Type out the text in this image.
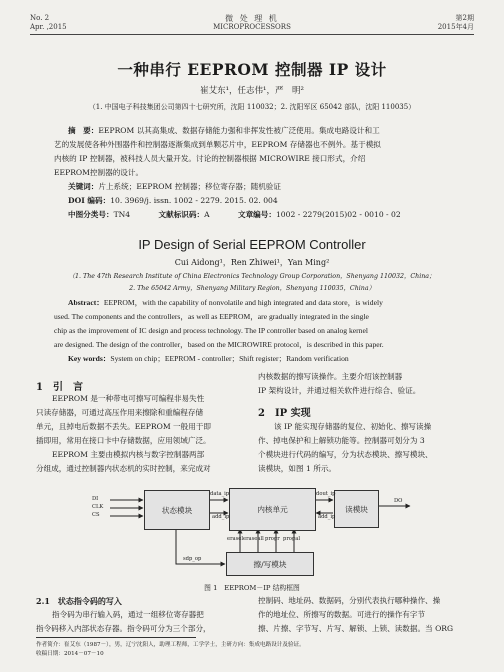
No. 2
Apr. ,2015
微 处 理 机
MICROPROCESSORS
第2期
2015年4月
一种串行 EEPROM 控制器 IP 设计
崔艾东¹，任志伟¹，严　明²
（1. 中国电子科技集团公司第四十七研究所，沈阳 110032；2. 沈阳军区 65042 部队，沈阳 110035）
摘　要：EEPROM 以其高集成、数据存储能力强和非挥发性被广泛使用。集成电路设计和工
艺的发展使各种外围器件和控制器逐渐集成到单颗芯片中，EEPROM 存储器也不例外。基于模拟
内核的 IP 控制器，被科技人员大量开发。讨论的控制器根据 MICROWIRE 接口形式，介绍
EEPROM控制器的设计。
关键词：片上系统；EEPROM 控制器；移位寄存器；随机验证
DOI 编码：10. 3969/j. issn. 1002 - 2279. 2015. 02. 004
中图分类号：TN4	文献标识码：A	文章编号：1002 - 2279(2015)02 - 0010 - 02
IP Design of Serial EEPROM Controller
Cui Aidong¹，Ren Zhiwei¹，Yan Ming²
（1. The 47th Research Institute of China Electronics Technology Group Corporation，Shenyang 110032，China；
2. The 65042 Army，Shenyang Military Region，Shenyang 110035，China）
Abstract：EEPROM，with the capability of nonvolatile and high integrated and data store，is widely
used. The components and the controllers，as well as EEPROM，are gradually integrated in the single
chip as the improvement of IC design and process technology. The IP controller based on analog kernel
are designed. The design of the controller，based on the MICROWIRE protocol，is described in this paper.
Key words：System on chip；EEPROM - controller；Shift register；Random verification
1　引　言
EEPROM 是一种带电可擦写可编程非易失性
只读存储器，可通过高压作用来擦除和重编程存储
单元，且掉电后数据不丢失。EEPROM 一般用于即
插即用，常用在接口卡中存储数据，应用领域广泛。
EEPROM 主要由模拟内核与数字控制器两部
分组成，通过控制器内状态机的实时控制，来完成对
内核数据的擦写读操作。主要介绍该控制器
IP 架构设计，并通过相关软件进行综合、验证。
2　IP 实现
该 IP 能实现存储器的复位、初始化、擦写读操
作、掉电保护和上解锁功能等。控制器可划分为 3
个模块进行代码的编写，分为状态模块、擦写模块、
读模块，如图 1 所示。
DI
CLK
CS
状态模块	内核单元	读模块
擦/写模块
data_ip
add_ip
dout_ip
add_ip
DO
erasel eraseall progr progal
sdp_op
图 1　EEPROM－IP 结构框图
2.1　状态指令码的写入
指令码为串行输入码，通过一组移位寄存器把
指令码移入内部状态存器。指令码可分为三个部分，
控制码、地址码、数据码，分别代表执行哪种操作、操
作的地址位、所擦写的数据。可进行的操作有字节
擦、片擦、字节写、片写、解锁、上锁、读数据。当 ORG
作者简介：崔艾东（1987－），男，辽宁沈阳人，助理工程师，工学学士，主研方向：集成电路设计及验证。
收稿日期：2014－07－10
